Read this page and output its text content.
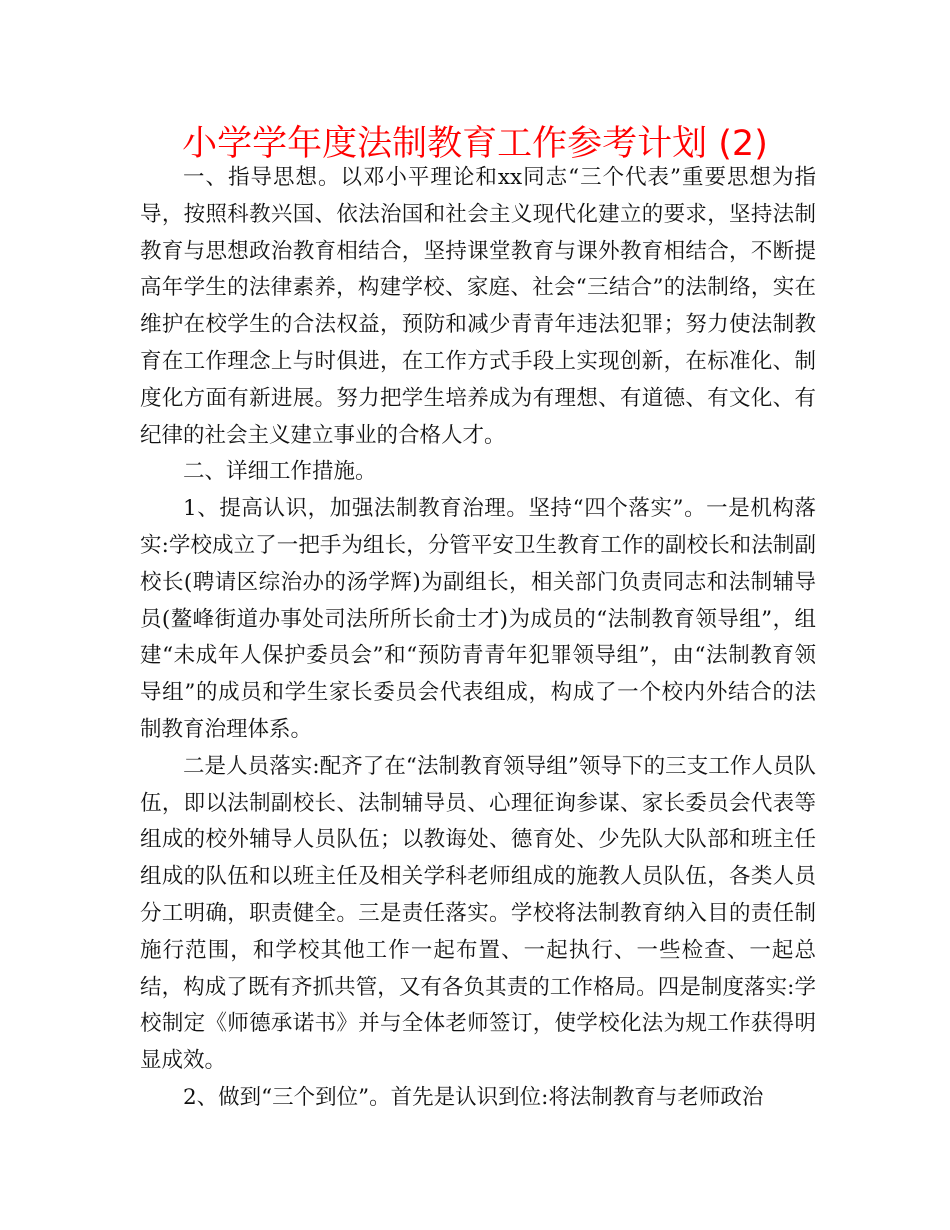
小学学年度法制教育工作参考计划 (2)

一、指导思想。以邓小平理论和xx同志“三个代表”重要思想为指导，按照科教兴国、依法治国和社会主义现代化建立的要求，坚持法制教育与思想政治教育相结合，坚持课堂教育与课外教育相结合，不断提高年学生的法律素养，构建学校、家庭、社会“三结合”的法制络，实在维护在校学生的合法权益，预防和减少青青年违法犯罪；努力使法制教育在工作理念上与时俱进，在工作方式手段上实现创新，在标准化、制度化方面有新进展。努力把学生培养成为有理想、有道德、有文化、有纪律的社会主义建立事业的合格人才。

二、详细工作措施。

1、提高认识，加强法制教育治理。坚持“四个落实”。一是机构落实:学校成立了一把手为组长，分管平安卫生教育工作的副校长和法制副校长(聘请区综治办的汤学辉)为副组长，相关部门负责同志和法制辅导员(鳌峰街道办事处司法所所长俞士才)为成员的“法制教育领导组”，组建“未成年人保护委员会”和“预防青青年犯罪领导组”，由“法制教育领导组”的成员和学生家长委员会代表组成，构成了一个校内外结合的法制教育治理体系。

二是人员落实:配齐了在“法制教育领导组”领导下的三支工作人员队伍，即以法制副校长、法制辅导员、心理征询参谋、家长委员会代表等组成的校外辅导人员队伍；以教诲处、德育处、少先队大队部和班主任组成的队伍和以班主任及相关学科老师组成的施教人员队伍，各类人员分工明确，职责健全。三是责任落实。学校将法制教育纳入目的责任制施行范围，和学校其他工作一起布置、一起执行、一些检查、一起总结，构成了既有齐抓共管，又有各负其责的工作格局。四是制度落实:学校制定《师德承诺书》并与全体老师签订，使学校化法为规工作获得明显成效。

2、做到“三个到位”。首先是认识到位:将法制教育与老师政治
